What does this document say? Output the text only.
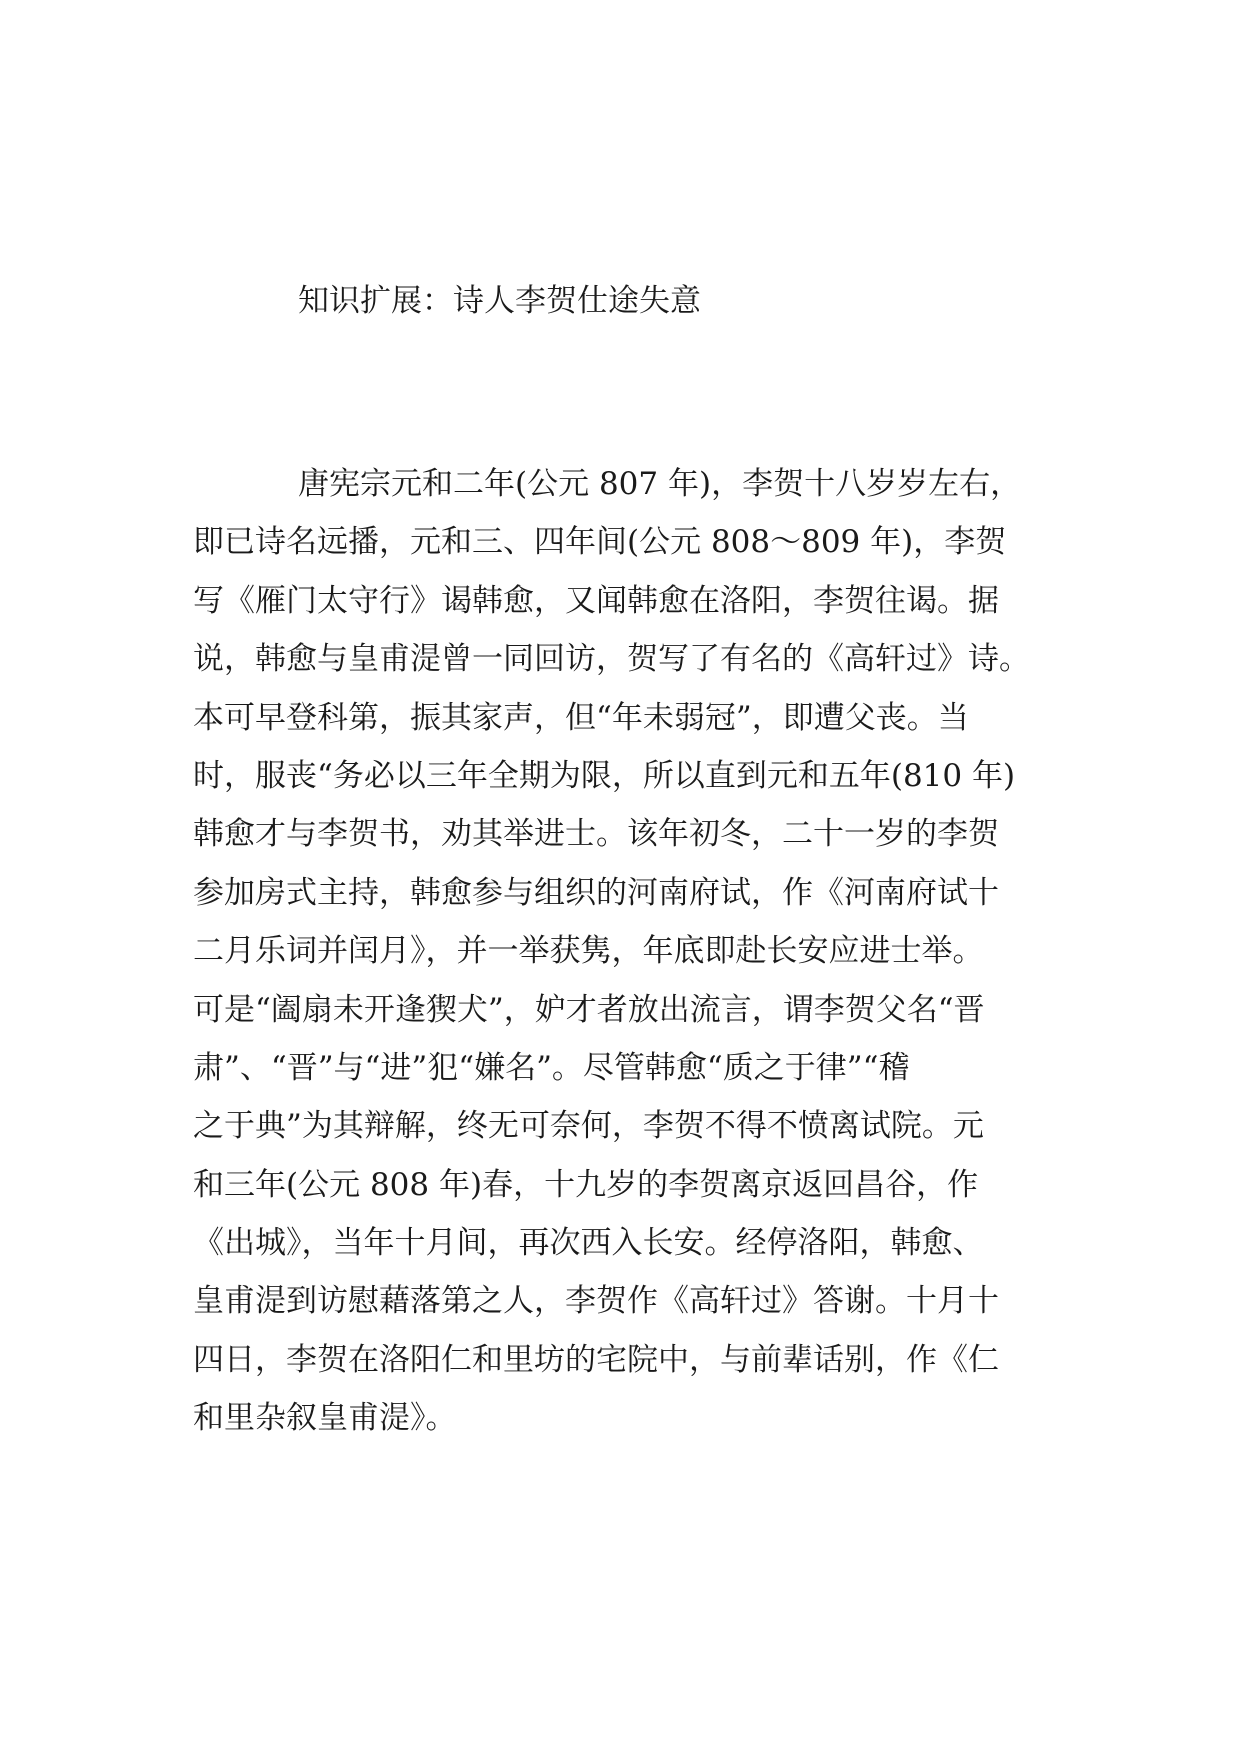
知识扩展：诗人李贺仕途失意
唐宪宗元和二年(公元 807 年)，李贺十八岁岁左右，
即已诗名远播，元和三、四年间(公元 808～809 年)，李贺
写《雁门太守行》谒韩愈，又闻韩愈在洛阳，李贺往谒。据
说，韩愈与皇甫湜曾一同回访，贺写了有名的《高轩过》诗。
本可早登科第，振其家声，但“年未弱冠”，即遭父丧。当
时，服丧“务必以三年全期为限，所以直到元和五年(810 年)
韩愈才与李贺书，劝其举进士。该年初冬，二十一岁的李贺
参加房式主持，韩愈参与组织的河南府试，作《河南府试十
二月乐词并闰月》，并一举获隽，年底即赴长安应进士举。
可是“阖扇未开逢猰犬”，妒才者放出流言，谓李贺父名“晋
肃”、“晋”与“进”犯“嫌名”。尽管韩愈“质之于律”“稽
之于典”为其辩解，终无可奈何，李贺不得不愤离试院。元
和三年(公元 808 年)春，十九岁的李贺离京返回昌谷，作
《出城》，当年十月间，再次西入长安。经停洛阳，韩愈、
皇甫湜到访慰藉落第之人，李贺作《高轩过》答谢。十月十
四日，李贺在洛阳仁和里坊的宅院中，与前辈话别，作《仁
和里杂叙皇甫湜》。
